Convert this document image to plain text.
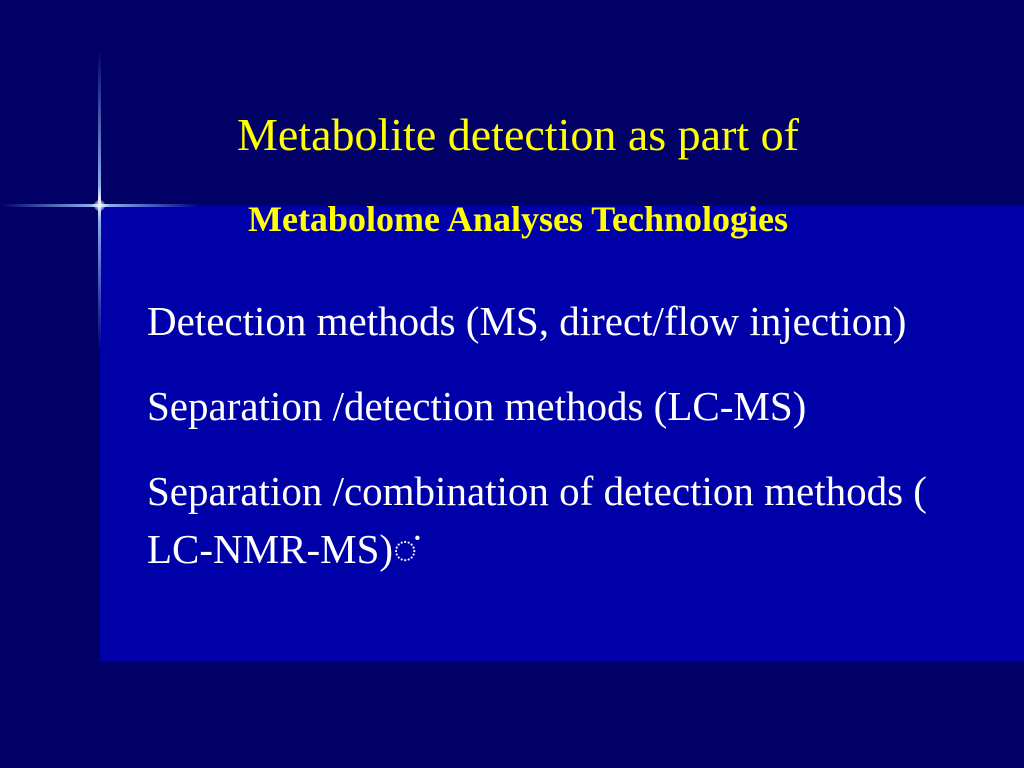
Metabolite detection as part of
Metabolome Analyses Technologies
Detection methods (MS, direct/flow injection)
Separation /detection methods (LC-MS)
Separation /combination of detection methods ( LC-NMR-MS)◌̇
